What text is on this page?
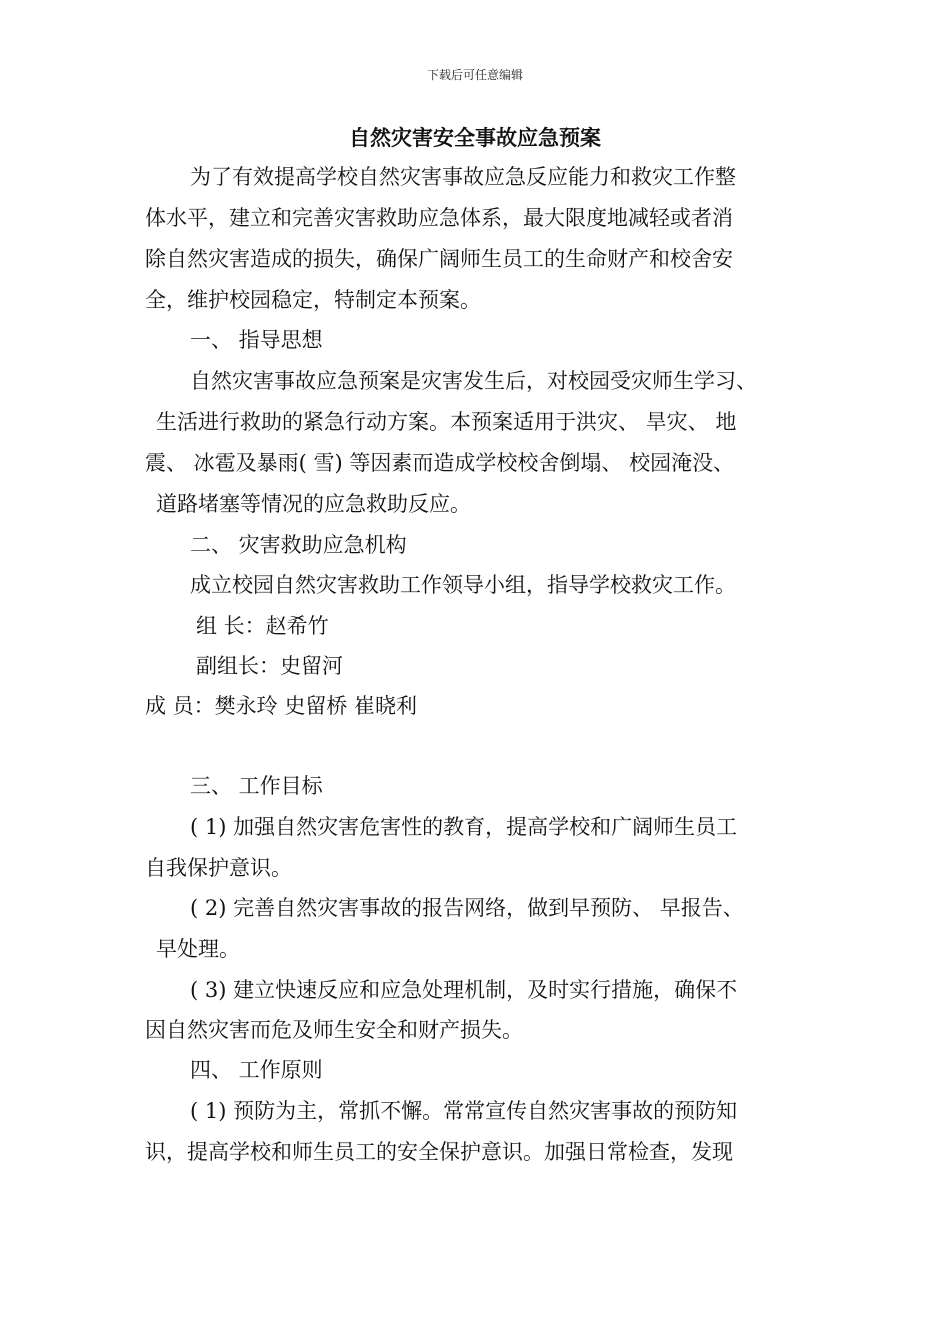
下载后可任意编辑
自然灾害安全事故应急预案
为了有效提高学校自然灾害事故应急反应能力和救灾工作整
体水平，建立和完善灾害救助应急体系，最大限度地减轻或者消
除自然灾害造成的损失，确保广阔师生员工的生命财产和校舍安
全，维护校园稳定，特制定本预案。
一、 指导思想
自然灾害事故应急预案是灾害发生后，对校园受灾师生学习、
生活进行救助的紧急行动方案。本预案适用于洪灾、 旱灾、 地
震、 冰雹及暴雨( 雪) 等因素而造成学校校舍倒塌、 校园淹没、
道路堵塞等情况的应急救助反应。
二、 灾害救助应急机构
成立校园自然灾害救助工作领导小组，指导学校救灾工作。
组 长：赵希竹
副组长：史留河
成 员：樊永玲 史留桥 崔晓利
三、 工作目标
( 1) 加强自然灾害危害性的教育，提高学校和广阔师生员工
自我保护意识。
( 2) 完善自然灾害事故的报告网络，做到早预防、 早报告、
早处理。
( 3) 建立快速反应和应急处理机制，及时实行措施，确保不
因自然灾害而危及师生安全和财产损失。
四、 工作原则
( 1) 预防为主，常抓不懈。常常宣传自然灾害事故的预防知
识，提高学校和师生员工的安全保护意识。加强日常检查，发现
